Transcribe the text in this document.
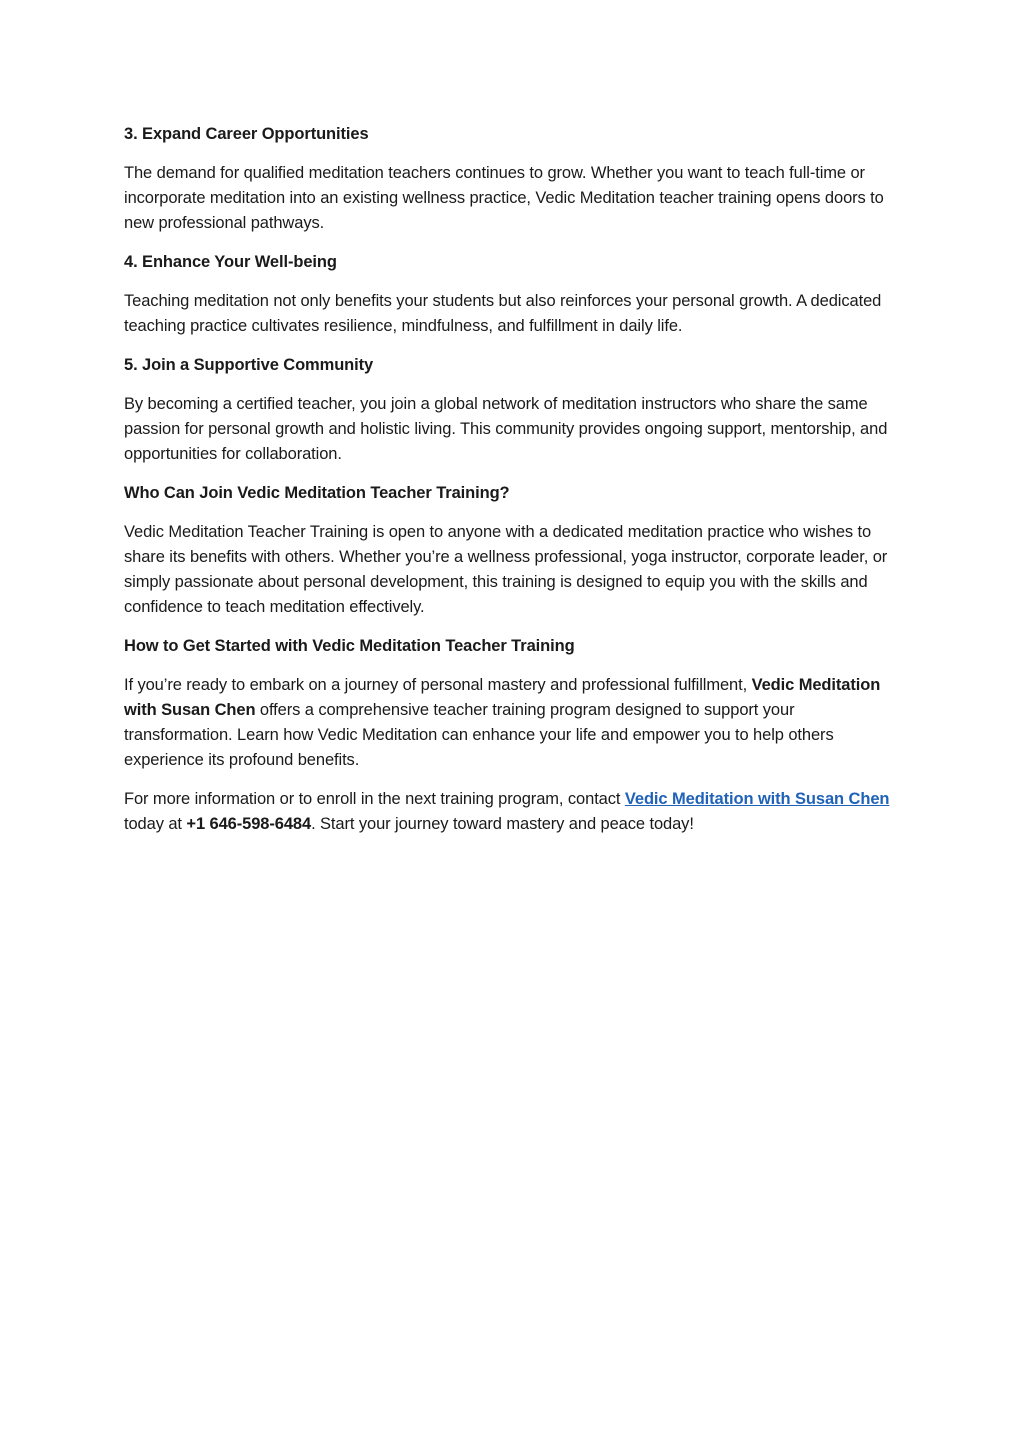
3. Expand Career Opportunities
The demand for qualified meditation teachers continues to grow. Whether you want to teach full-time or incorporate meditation into an existing wellness practice, Vedic Meditation teacher training opens doors to new professional pathways.
4. Enhance Your Well-being
Teaching meditation not only benefits your students but also reinforces your personal growth. A dedicated teaching practice cultivates resilience, mindfulness, and fulfillment in daily life.
5. Join a Supportive Community
By becoming a certified teacher, you join a global network of meditation instructors who share the same passion for personal growth and holistic living. This community provides ongoing support, mentorship, and opportunities for collaboration.
Who Can Join Vedic Meditation Teacher Training?
Vedic Meditation Teacher Training is open to anyone with a dedicated meditation practice who wishes to share its benefits with others. Whether you’re a wellness professional, yoga instructor, corporate leader, or simply passionate about personal development, this training is designed to equip you with the skills and confidence to teach meditation effectively.
How to Get Started with Vedic Meditation Teacher Training
If you’re ready to embark on a journey of personal mastery and professional fulfillment, Vedic Meditation with Susan Chen offers a comprehensive teacher training program designed to support your transformation. Learn how Vedic Meditation can enhance your life and empower you to help others experience its profound benefits.
For more information or to enroll in the next training program, contact Vedic Meditation with Susan Chen today at +1 646-598-6484. Start your journey toward mastery and peace today!
